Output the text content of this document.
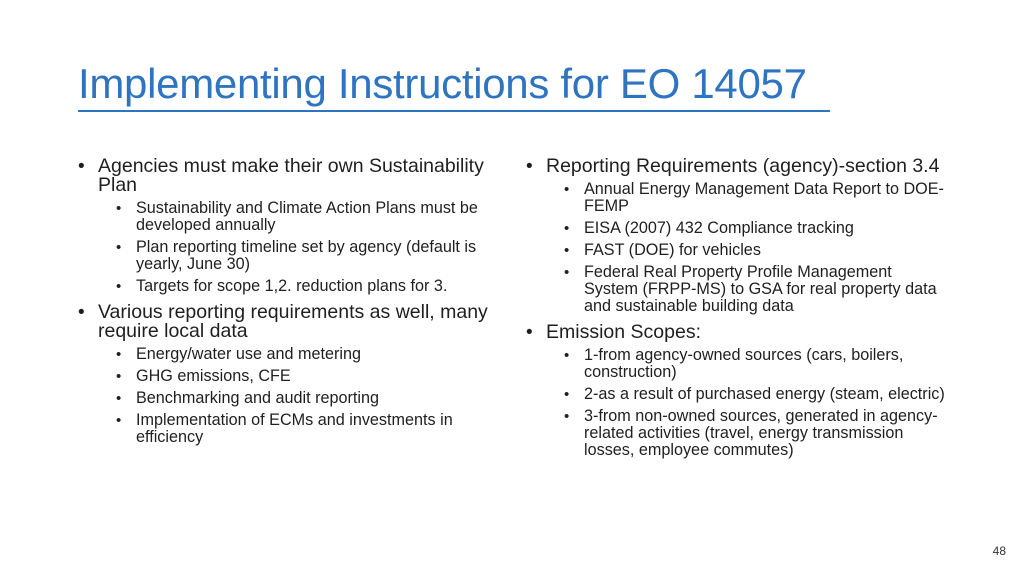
Implementing Instructions for EO 14057
• Agencies must make their own Sustainability Plan
• Sustainability and Climate Action Plans must be developed annually
• Plan reporting timeline set by agency (default is yearly, June 30)
• Targets for scope 1,2. reduction plans for 3.
• Various reporting requirements as well, many require local data
• Energy/water use and metering
• GHG emissions, CFE
• Benchmarking and audit reporting
• Implementation of ECMs and investments in efficiency
• Reporting Requirements (agency)-section 3.4
• Annual Energy Management Data Report to DOE-FEMP
• EISA (2007) 432 Compliance tracking
• FAST (DOE) for vehicles
• Federal Real Property Profile Management System (FRPP-MS) to GSA for real property data and sustainable building data
• Emission Scopes:
• 1-from agency-owned sources (cars, boilers, construction)
• 2-as a result of purchased energy (steam, electric)
• 3-from non-owned sources, generated in agency-related activities (travel, energy transmission losses, employee commutes)
48
